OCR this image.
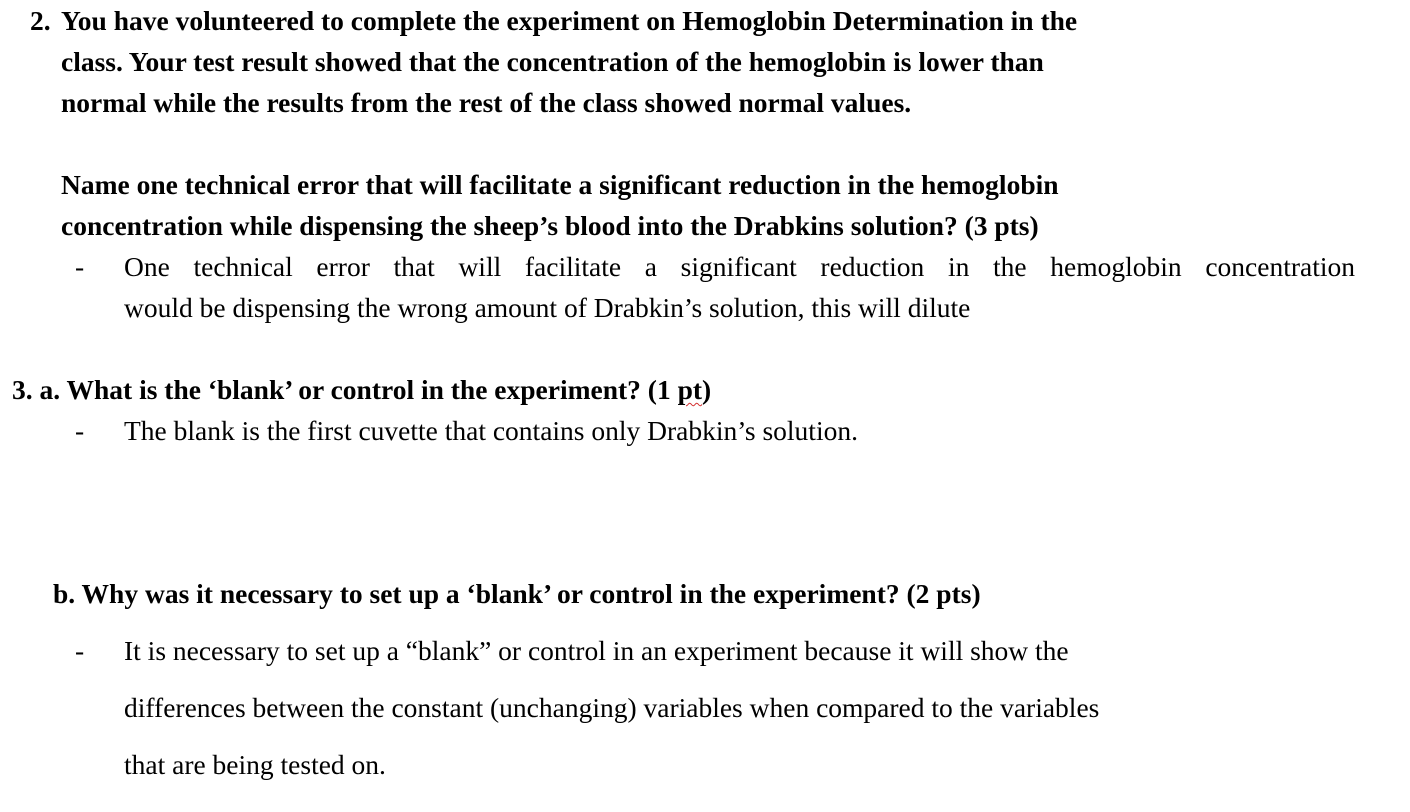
2. You have volunteered to complete the experiment on Hemoglobin Determination in the
class. Your test result showed that the concentration of the hemoglobin is lower than
normal while the results from the rest of the class showed normal values.
Name one technical error that will facilitate a significant reduction in the hemoglobin
concentration while dispensing the sheep’s blood into the Drabkins solution? (3 pts)
- One technical error that will facilitate a significant reduction in the hemoglobin concentration
would be dispensing the wrong amount of Drabkin’s solution, this will dilute
3. a. What is the ‘blank’ or control in the experiment? (1 pt)
- The blank is the first cuvette that contains only Drabkin’s solution.
b. Why was it necessary to set up a ‘blank’ or control in the experiment? (2 pts)
- It is necessary to set up a “blank” or control in an experiment because it will show the
differences between the constant (unchanging) variables when compared to the variables
that are being tested on.
